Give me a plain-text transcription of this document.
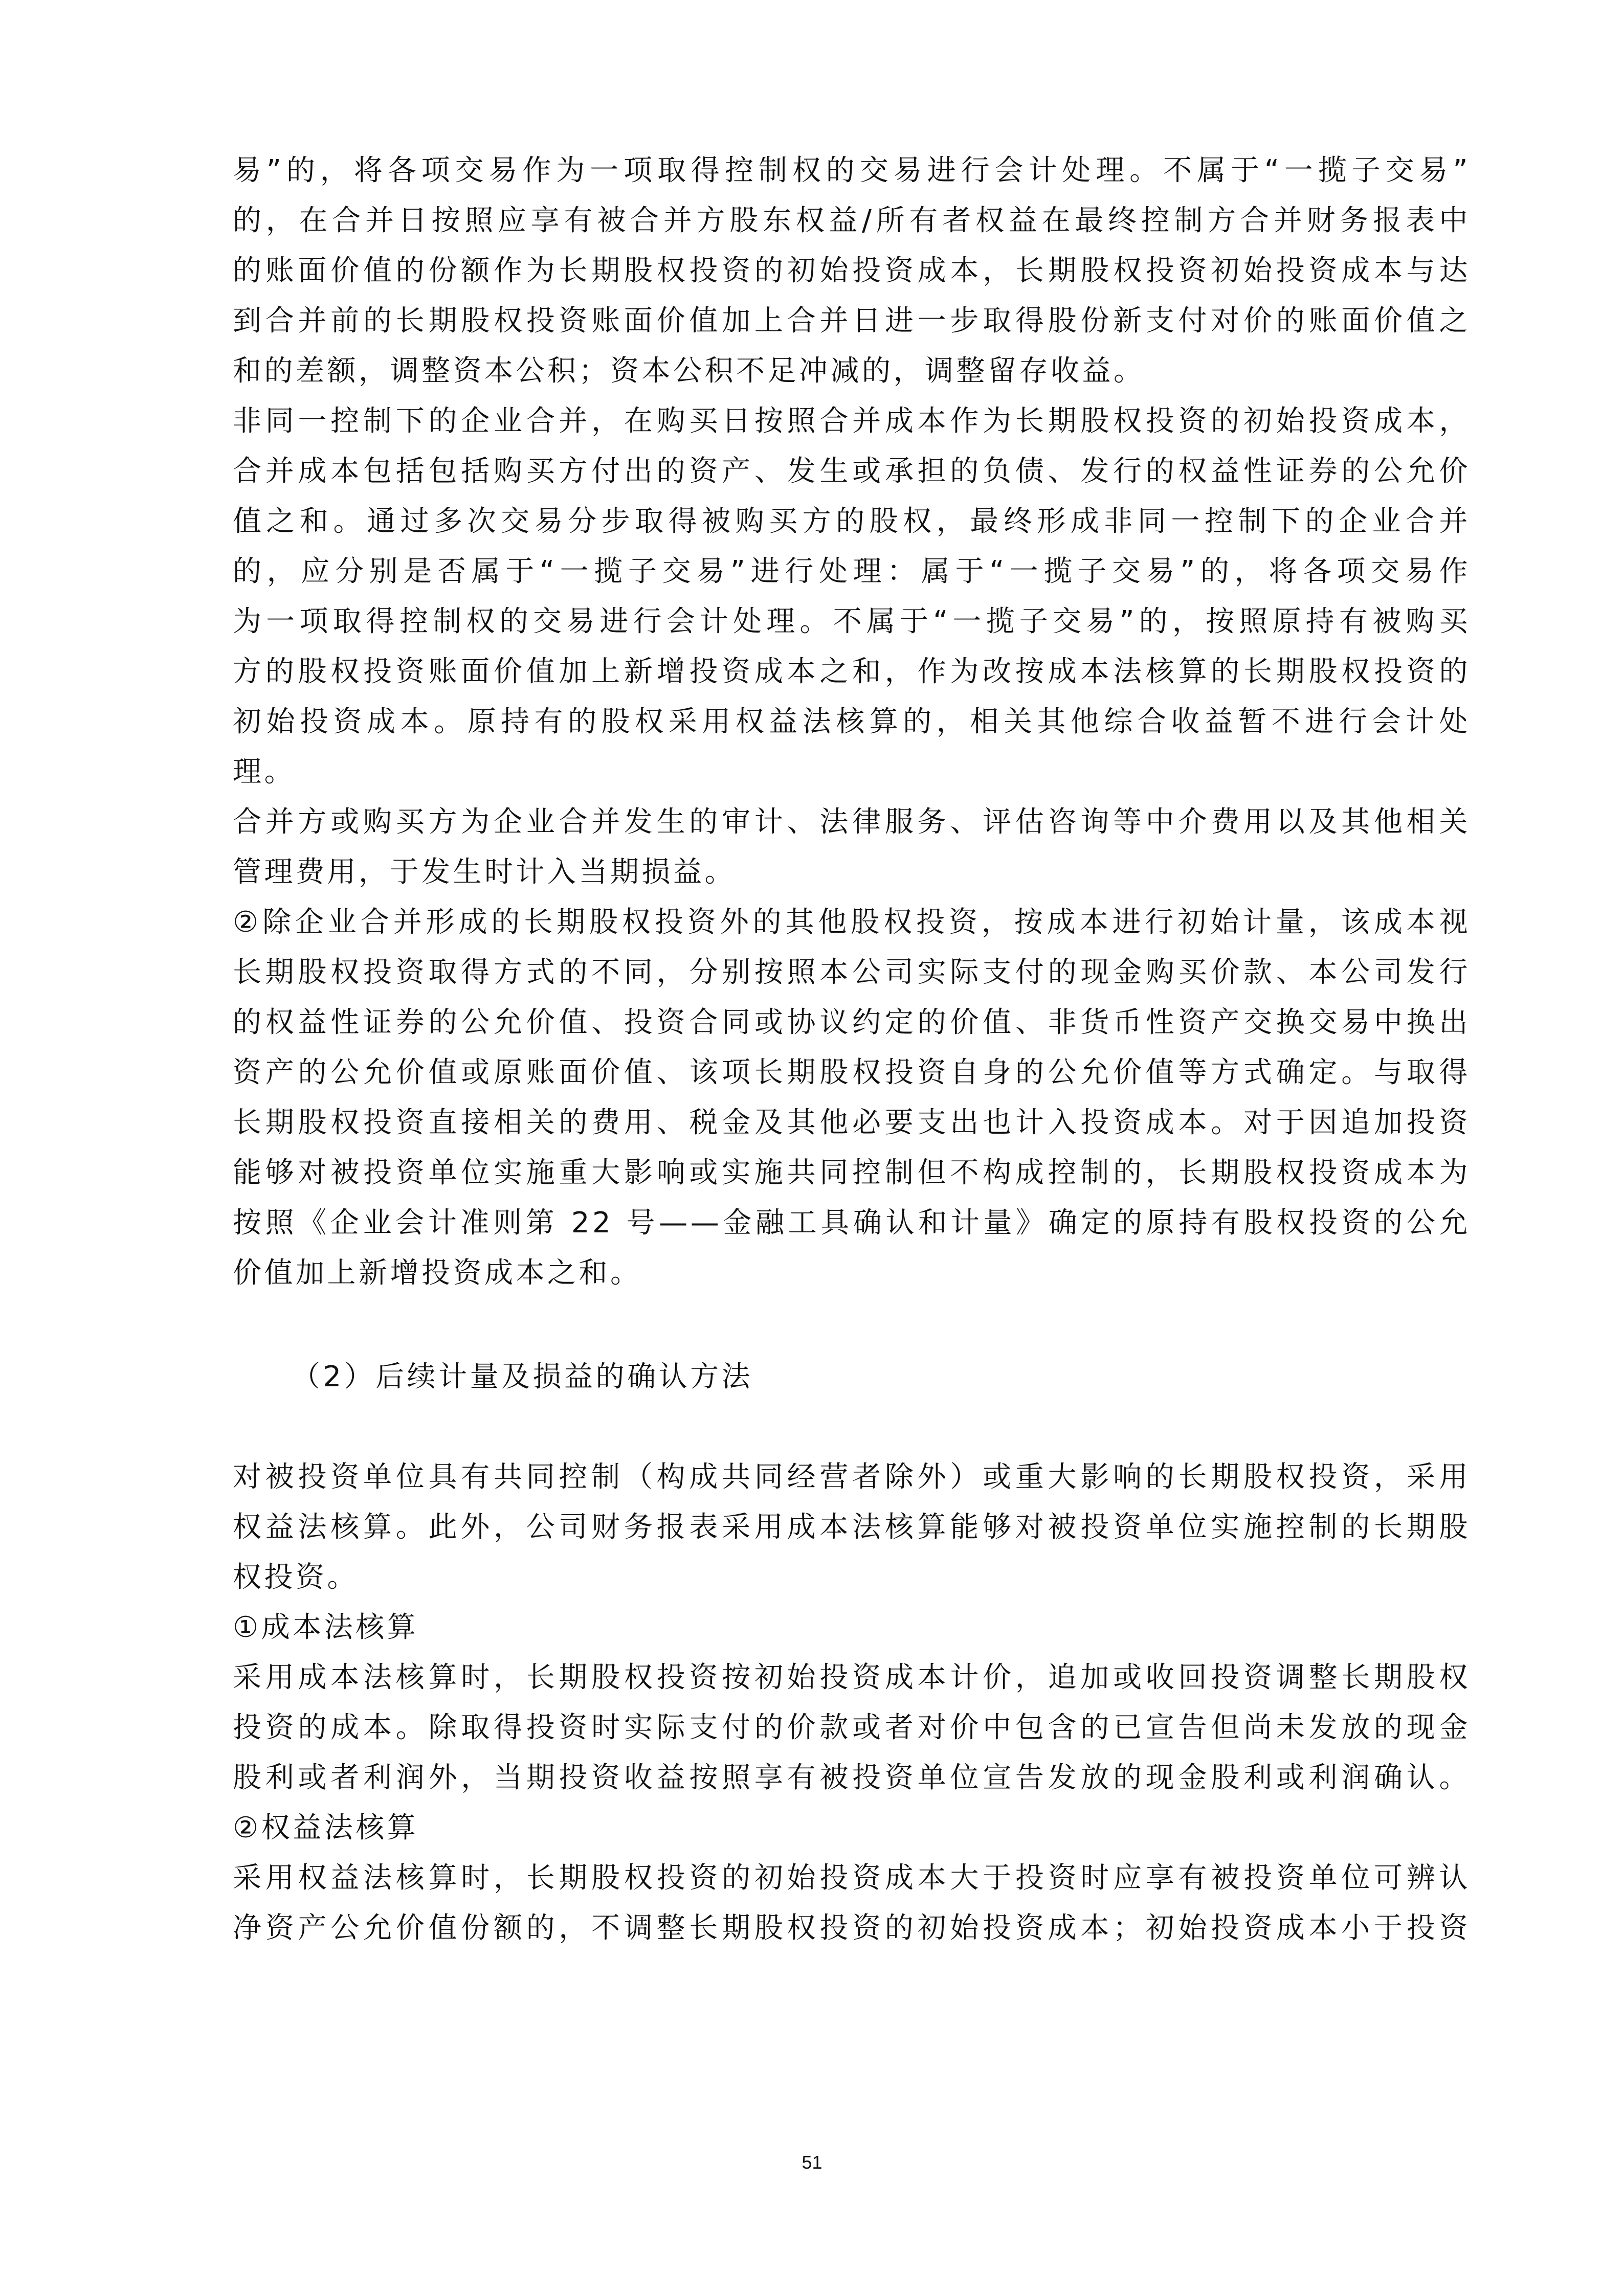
易”的，将各项交易作为一项取得控制权的交易进行会计处理。不属于“一揽子交易”
的，在合并日按照应享有被合并方股东权益/所有者权益在最终控制方合并财务报表中
的账面价值的份额作为长期股权投资的初始投资成本，长期股权投资初始投资成本与达
到合并前的长期股权投资账面价值加上合并日进一步取得股份新支付对价的账面价值之
和的差额，调整资本公积；资本公积不足冲减的，调整留存收益。
非同一控制下的企业合并，在购买日按照合并成本作为长期股权投资的初始投资成本，
合并成本包括包括购买方付出的资产、发生或承担的负债、发行的权益性证券的公允价
值之和。通过多次交易分步取得被购买方的股权，最终形成非同一控制下的企业合并
的，应分别是否属于“一揽子交易”进行处理：属于“一揽子交易”的，将各项交易作
为一项取得控制权的交易进行会计处理。不属于“一揽子交易”的，按照原持有被购买
方的股权投资账面价值加上新增投资成本之和，作为改按成本法核算的长期股权投资的
初始投资成本。原持有的股权采用权益法核算的，相关其他综合收益暂不进行会计处
理。
合并方或购买方为企业合并发生的审计、法律服务、评估咨询等中介费用以及其他相关
管理费用，于发生时计入当期损益。
②除企业合并形成的长期股权投资外的其他股权投资，按成本进行初始计量，该成本视
长期股权投资取得方式的不同，分别按照本公司实际支付的现金购买价款、本公司发行
的权益性证券的公允价值、投资合同或协议约定的价值、非货币性资产交换交易中换出
资产的公允价值或原账面价值、该项长期股权投资自身的公允价值等方式确定。与取得
长期股权投资直接相关的费用、税金及其他必要支出也计入投资成本。对于因追加投资
能够对被投资单位实施重大影响或实施共同控制但不构成控制的，长期股权投资成本为
按照《企业会计准则第 22 号——金融工具确认和计量》确定的原持有股权投资的公允
价值加上新增投资成本之和。
（2）后续计量及损益的确认方法
对被投资单位具有共同控制（构成共同经营者除外）或重大影响的长期股权投资，采用
权益法核算。此外，公司财务报表采用成本法核算能够对被投资单位实施控制的长期股
权投资。
①成本法核算
采用成本法核算时，长期股权投资按初始投资成本计价，追加或收回投资调整长期股权
投资的成本。除取得投资时实际支付的价款或者对价中包含的已宣告但尚未发放的现金
股利或者利润外，当期投资收益按照享有被投资单位宣告发放的现金股利或利润确认。
②权益法核算
采用权益法核算时，长期股权投资的初始投资成本大于投资时应享有被投资单位可辨认
净资产公允价值份额的，不调整长期股权投资的初始投资成本；初始投资成本小于投资
51
